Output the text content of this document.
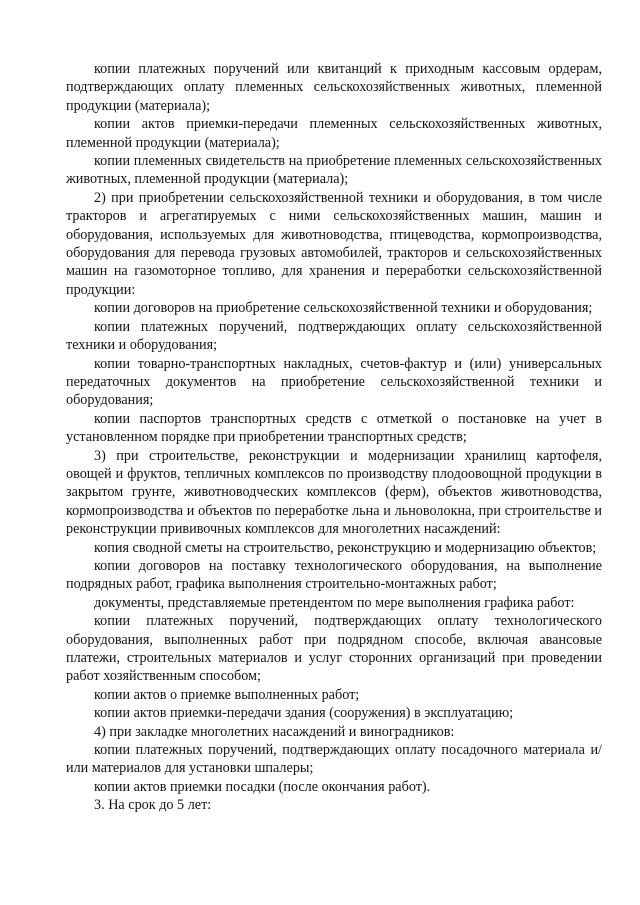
копии платежных поручений или квитанций к приходным кассовым ордерам, подтверждающих оплату племенных сельскохозяйственных животных, племенной продукции (материала);

копии актов приемки-передачи племенных сельскохозяйственных животных, племенной продукции (материала);

копии племенных свидетельств на приобретение племенных сельскохозяйственных животных, племенной продукции (материала);

2) при приобретении сельскохозяйственной техники и оборудования, в том числе тракторов и агрегатируемых с ними сельскохозяйственных машин, машин и оборудования, используемых для животноводства, птицеводства, кормопроизводства, оборудования для перевода грузовых автомобилей, тракторов и сельскохозяйственных машин на газомоторное топливо, для хранения и переработки сельскохозяйственной продукции:

копии договоров на приобретение сельскохозяйственной техники и оборудования;

копии платежных поручений, подтверждающих оплату сельскохозяйственной техники и оборудования;

копии товарно-транспортных накладных, счетов-фактур и (или) универсальных передаточных документов на приобретение сельскохозяйственной техники и оборудования;

копии паспортов транспортных средств с отметкой о постановке на учет в установленном порядке при приобретении транспортных средств;

3) при строительстве, реконструкции и модернизации хранилищ картофеля, овощей и фруктов, тепличных комплексов по производству плодоовощной продукции в закрытом грунте, животноводческих комплексов (ферм), объектов животноводства, кормопроизводства и объектов по переработке льна и льноволокна, при строительстве и реконструкции прививочных комплексов для многолетних насаждений:

копия сводной сметы на строительство, реконструкцию и модернизацию объектов;

копии договоров на поставку технологического оборудования, на выполнение подрядных работ, графика выполнения строительно-монтажных работ;

документы, представляемые претендентом по мере выполнения графика работ:

копии платежных поручений, подтверждающих оплату технологического оборудования, выполненных работ при подрядном способе, включая авансовые платежи, строительных материалов и услуг сторонних организаций при проведении работ хозяйственным способом;

копии актов о приемке выполненных работ;

копии актов приемки-передачи здания (сооружения) в эксплуатацию;

4) при закладке многолетних насаждений и виноградников:

копии платежных поручений, подтверждающих оплату посадочного материала и/или материалов для установки шпалеры;

копии актов приемки посадки (после окончания работ).

3. На срок до 5 лет:
